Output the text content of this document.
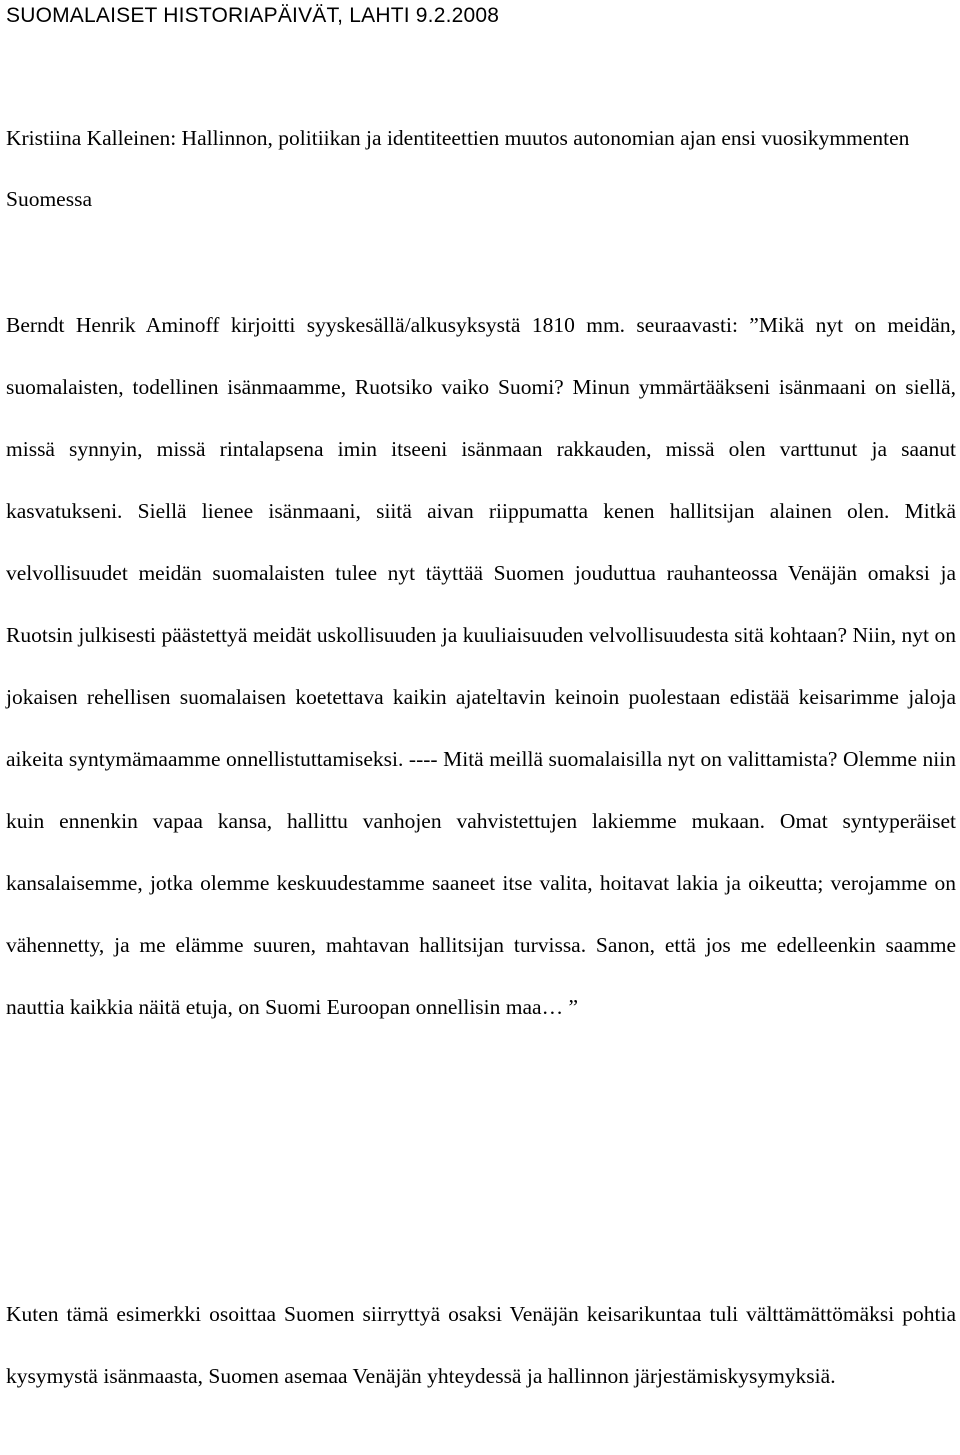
SUOMALAISET HISTORIAPÄIVÄT, LAHTI 9.2.2008

Kristiina Kalleinen: Hallinnon, politiikan ja identiteettien muutos autonomian ajan ensi vuosikymmenten Suomessa

Berndt Henrik Aminoff kirjoitti syyskesällä/alkusyksystä 1810 mm. seuraavasti: ”Mikä nyt on meidän, suomalaisten, todellinen isänmaamme, Ruotsiko vaiko Suomi? Minun ymmärtääkseni isänmaani on siellä, missä synnyin, missä rintalapsena imin itseeni isänmaan rakkauden, missä olen varttunut ja saanut kasvatukseni. Siellä lienee isänmaani, siitä aivan riippumatta kenen hallitsijan alainen olen. Mitkä velvollisuudet meidän suomalaisten tulee nyt täyttää Suomen jouduttua rauhanteossa Venäjän omaksi ja Ruotsin julkisesti päästettyä meidät uskollisuuden ja kuuliaisuuden velvollisuudesta sitä kohtaan? Niin, nyt on jokaisen rehellisen suomalaisen koetettava kaikin ajateltavin keinoin puolestaan edistää keisarimme jaloja aikeita syntymämaamme onnellistuttamiseksi. ---- Mitä meillä suomalaisilla nyt on valittamista? Olemme niin kuin ennenkin vapaa kansa, hallittu vanhojen vahvistettujen lakiemme mukaan. Omat syntyperäiset kansalaisemme, jotka olemme keskuudestamme saaneet itse valita, hoitavat lakia ja oikeutta; verojamme on vähennetty, ja me elämme suuren, mahtavan hallitsijan turvissa. Sanon, että jos me edelleenkin saamme nauttia kaikkia näitä etuja, on Suomi Euroopan onnellisin maa… ”

Kuten tämä esimerkki osoittaa Suomen siirryttyä osaksi Venäjän keisarikuntaa tuli välttämättömäksi pohtia kysymystä isänmaasta, Suomen asemaa Venäjän yhteydessä ja hallinnon järjestämiskysymyksiä.
